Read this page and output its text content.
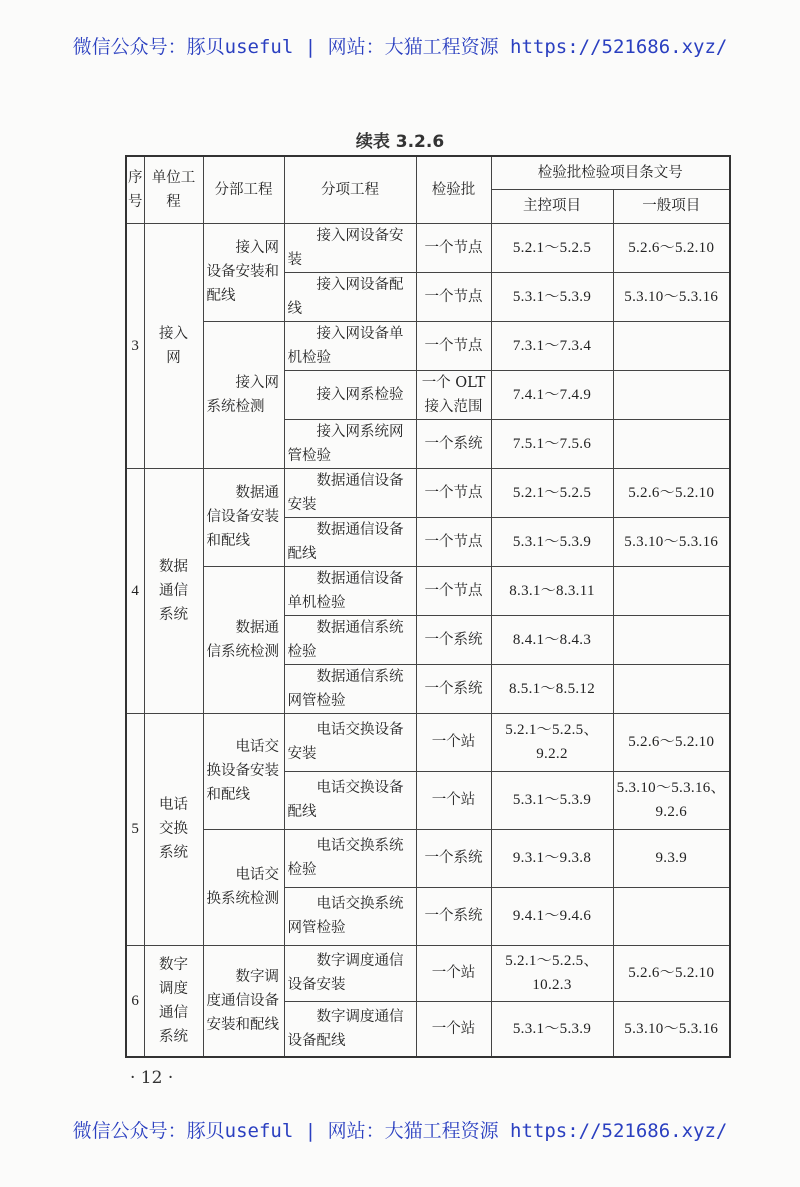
微信公众号：豚贝useful | 网站：大猫工程资源 https://521686.xyz/
续表 3.2.6
序号	单位工程	分部工程	分项工程	检验批	检验批检验项目条文号	
					主控项目	一般项目
3	接入网	接入网设备安装和配线	接入网设备安装	一个节点	5.2.1～5.2.5	5.2.6～5.2.10
			接入网设备配线	一个节点	5.3.1～5.3.9	5.3.10～5.3.16
		接入网系统检测	接入网设备单机检验	一个节点	7.3.1～7.3.4	
			接入网系检验	一个 OLT 接入范围	7.4.1～7.4.9	
			接入网系统网管检验	一个系统	7.5.1～7.5.6	
4	数据通信系统	数据通信设备安装和配线	数据通信设备安装	一个节点	5.2.1～5.2.5	5.2.6～5.2.10
			数据通信设备配线	一个节点	5.3.1～5.3.9	5.3.10～5.3.16
		数据通信系统检测	数据通信设备单机检验	一个节点	8.3.1～8.3.11	
			数据通信系统检验	一个系统	8.4.1～8.4.3	
			数据通信系统网管检验	一个系统	8.5.1～8.5.12	
5	电话交换系统	电话交换设备安装和配线	电话交换设备安装	一个站	5.2.1～5.2.5、9.2.2	5.2.6～5.2.10
			电话交换设备配线	一个站	5.3.1～5.3.9	5.3.10～5.3.16、9.2.6
		电话交换系统检测	电话交换系统检验	一个系统	9.3.1～9.3.8	9.3.9
			电话交换系统网管检验	一个系统	9.4.1～9.4.6	
6	数字调度通信系统	数字调度通信设备安装和配线	数字调度通信设备安装	一个站	5.2.1～5.2.5、10.2.3	5.2.6～5.2.10
			数字调度通信设备配线	一个站	5.3.1～5.3.9	5.3.10～5.3.16
· 12 ·
微信公众号：豚贝useful | 网站：大猫工程资源 https://521686.xyz/
